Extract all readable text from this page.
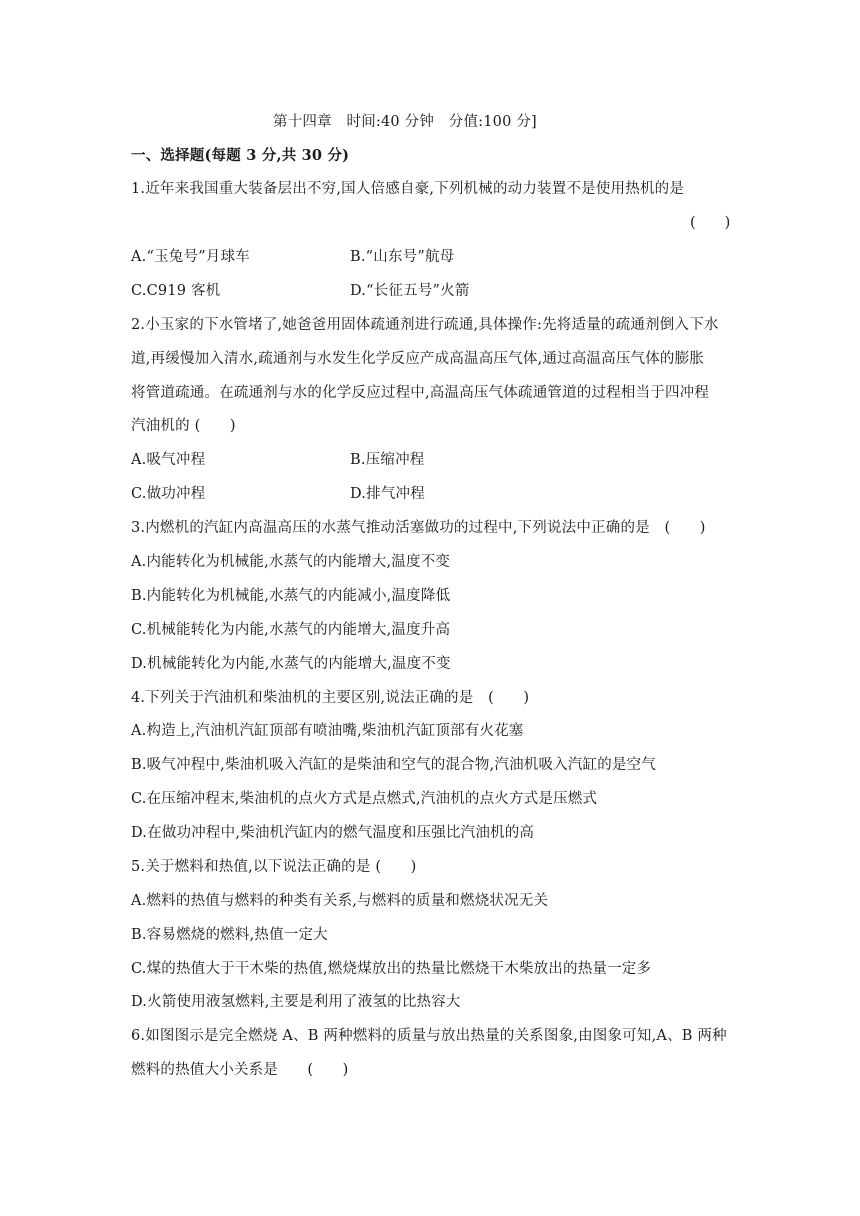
第十四章　时间:40 分钟　分值:100 分]
一、选择题(每题 3 分,共 30 分)
1.近年来我国重大装备层出不穷,国人倍感自豪,下列机械的动力装置不是使用热机的是
(　　)
A.“玉兔号”月球车	B.“山东号”航母
C.C919 客机	D.“长征五号”火箭
2.小玉家的下水管堵了,她爸爸用固体疏通剂进行疏通,具体操作:先将适量的疏通剂倒入下水
道,再缓慢加入清水,疏通剂与水发生化学反应产成高温高压气体,通过高温高压气体的膨胀
将管道疏通。在疏通剂与水的化学反应过程中,高温高压气体疏通管道的过程相当于四冲程
汽油机的 (　　)
A.吸气冲程	B.压缩冲程
C.做功冲程	D.排气冲程
3.内燃机的汽缸内高温高压的水蒸气推动活塞做功的过程中,下列说法中正确的是　(　　)
A.内能转化为机械能,水蒸气的内能增大,温度不变
B.内能转化为机械能,水蒸气的内能减小,温度降低
C.机械能转化为内能,水蒸气的内能增大,温度升高
D.机械能转化为内能,水蒸气的内能增大,温度不变
4.下列关于汽油机和柴油机的主要区别,说法正确的是　(　　)
A.构造上,汽油机汽缸顶部有喷油嘴,柴油机汽缸顶部有火花塞
B.吸气冲程中,柴油机吸入汽缸的是柴油和空气的混合物,汽油机吸入汽缸的是空气
C.在压缩冲程末,柴油机的点火方式是点燃式,汽油机的点火方式是压燃式
D.在做功冲程中,柴油机汽缸内的燃气温度和压强比汽油机的高
5.关于燃料和热值,以下说法正确的是 (　　)
A.燃料的热值与燃料的种类有关系,与燃料的质量和燃烧状况无关
B.容易燃烧的燃料,热值一定大
C.煤的热值大于干木柴的热值,燃烧煤放出的热量比燃烧干木柴放出的热量一定多
D.火箭使用液氢燃料,主要是利用了液氢的比热容大
6.如图图示是完全燃烧 A、B 两种燃料的质量与放出热量的关系图象,由图象可知,A、B 两种
燃料的热值大小关系是　　(　　)
